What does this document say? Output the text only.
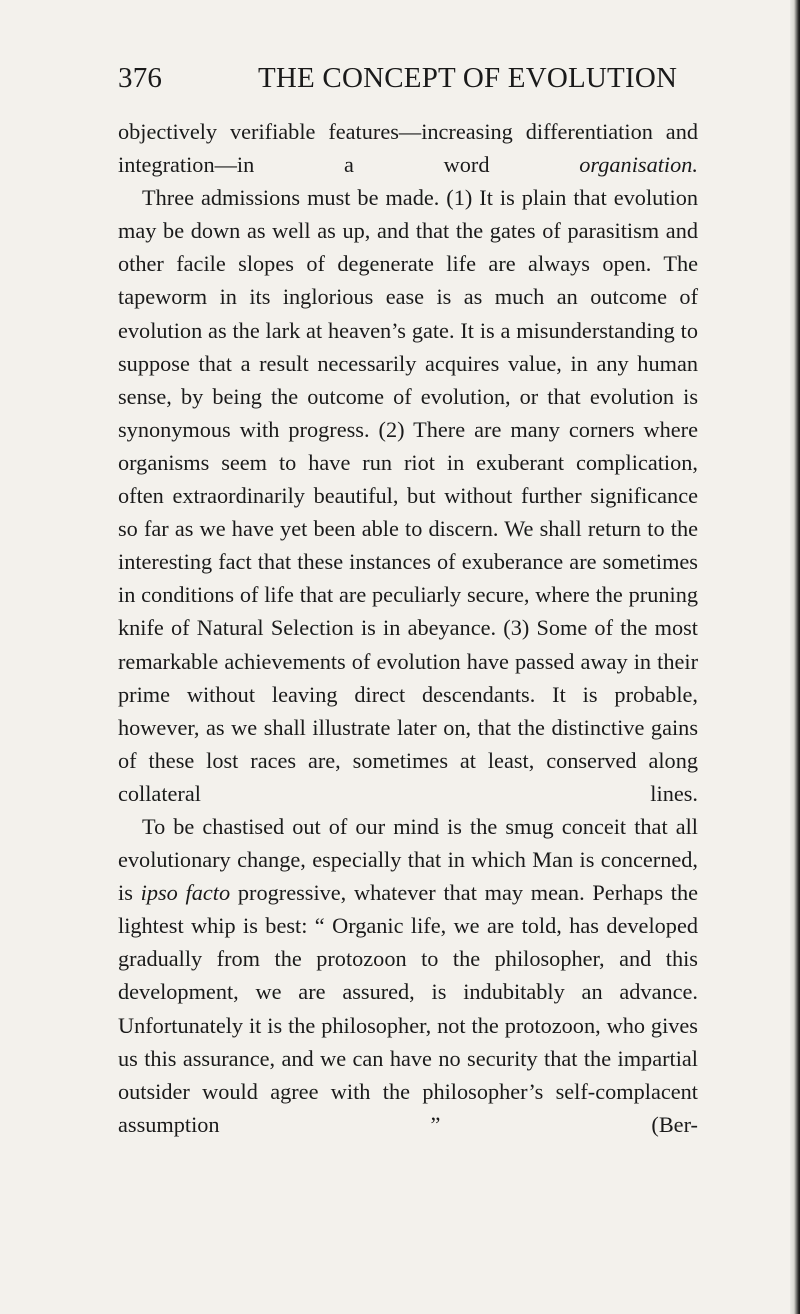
376	THE CONCEPT OF EVOLUTION

objectively verifiable features—increasing differentiation and integration—in a word organisation.

Three admissions must be made. (1) It is plain that evolution may be down as well as up, and that the gates of parasitism and other facile slopes of degenerate life are always open. The tapeworm in its inglorious ease is as much an outcome of evolution as the lark at heaven’s gate. It is a misunderstanding to suppose that a result necessarily acquires value, in any human sense, by being the outcome of evolution, or that evolution is synonymous with progress. (2) There are many corners where organisms seem to have run riot in exuberant complication, often extraordinarily beautiful, but without further significance so far as we have yet been able to discern. We shall return to the interesting fact that these instances of exuberance are sometimes in conditions of life that are peculiarly secure, where the pruning knife of Natural Selection is in abeyance. (3) Some of the most remarkable achievements of evolution have passed away in their prime without leaving direct descendants. It is probable, however, as we shall illustrate later on, that the distinctive gains of these lost races are, sometimes at least, conserved along collateral lines.

To be chastised out of our mind is the smug conceit that all evolutionary change, especially that in which Man is concerned, is ipso facto progressive, whatever that may mean. Perhaps the lightest whip is best: “ Organic life, we are told, has developed gradually from the protozoon to the philosopher, and this development, we are assured, is indubitably an advance. Unfortunately it is the philosopher, not the protozoon, who gives us this assurance, and we can have no security that the impartial outsider would agree with the philosopher’s self-complacent assumption ” (Ber-
